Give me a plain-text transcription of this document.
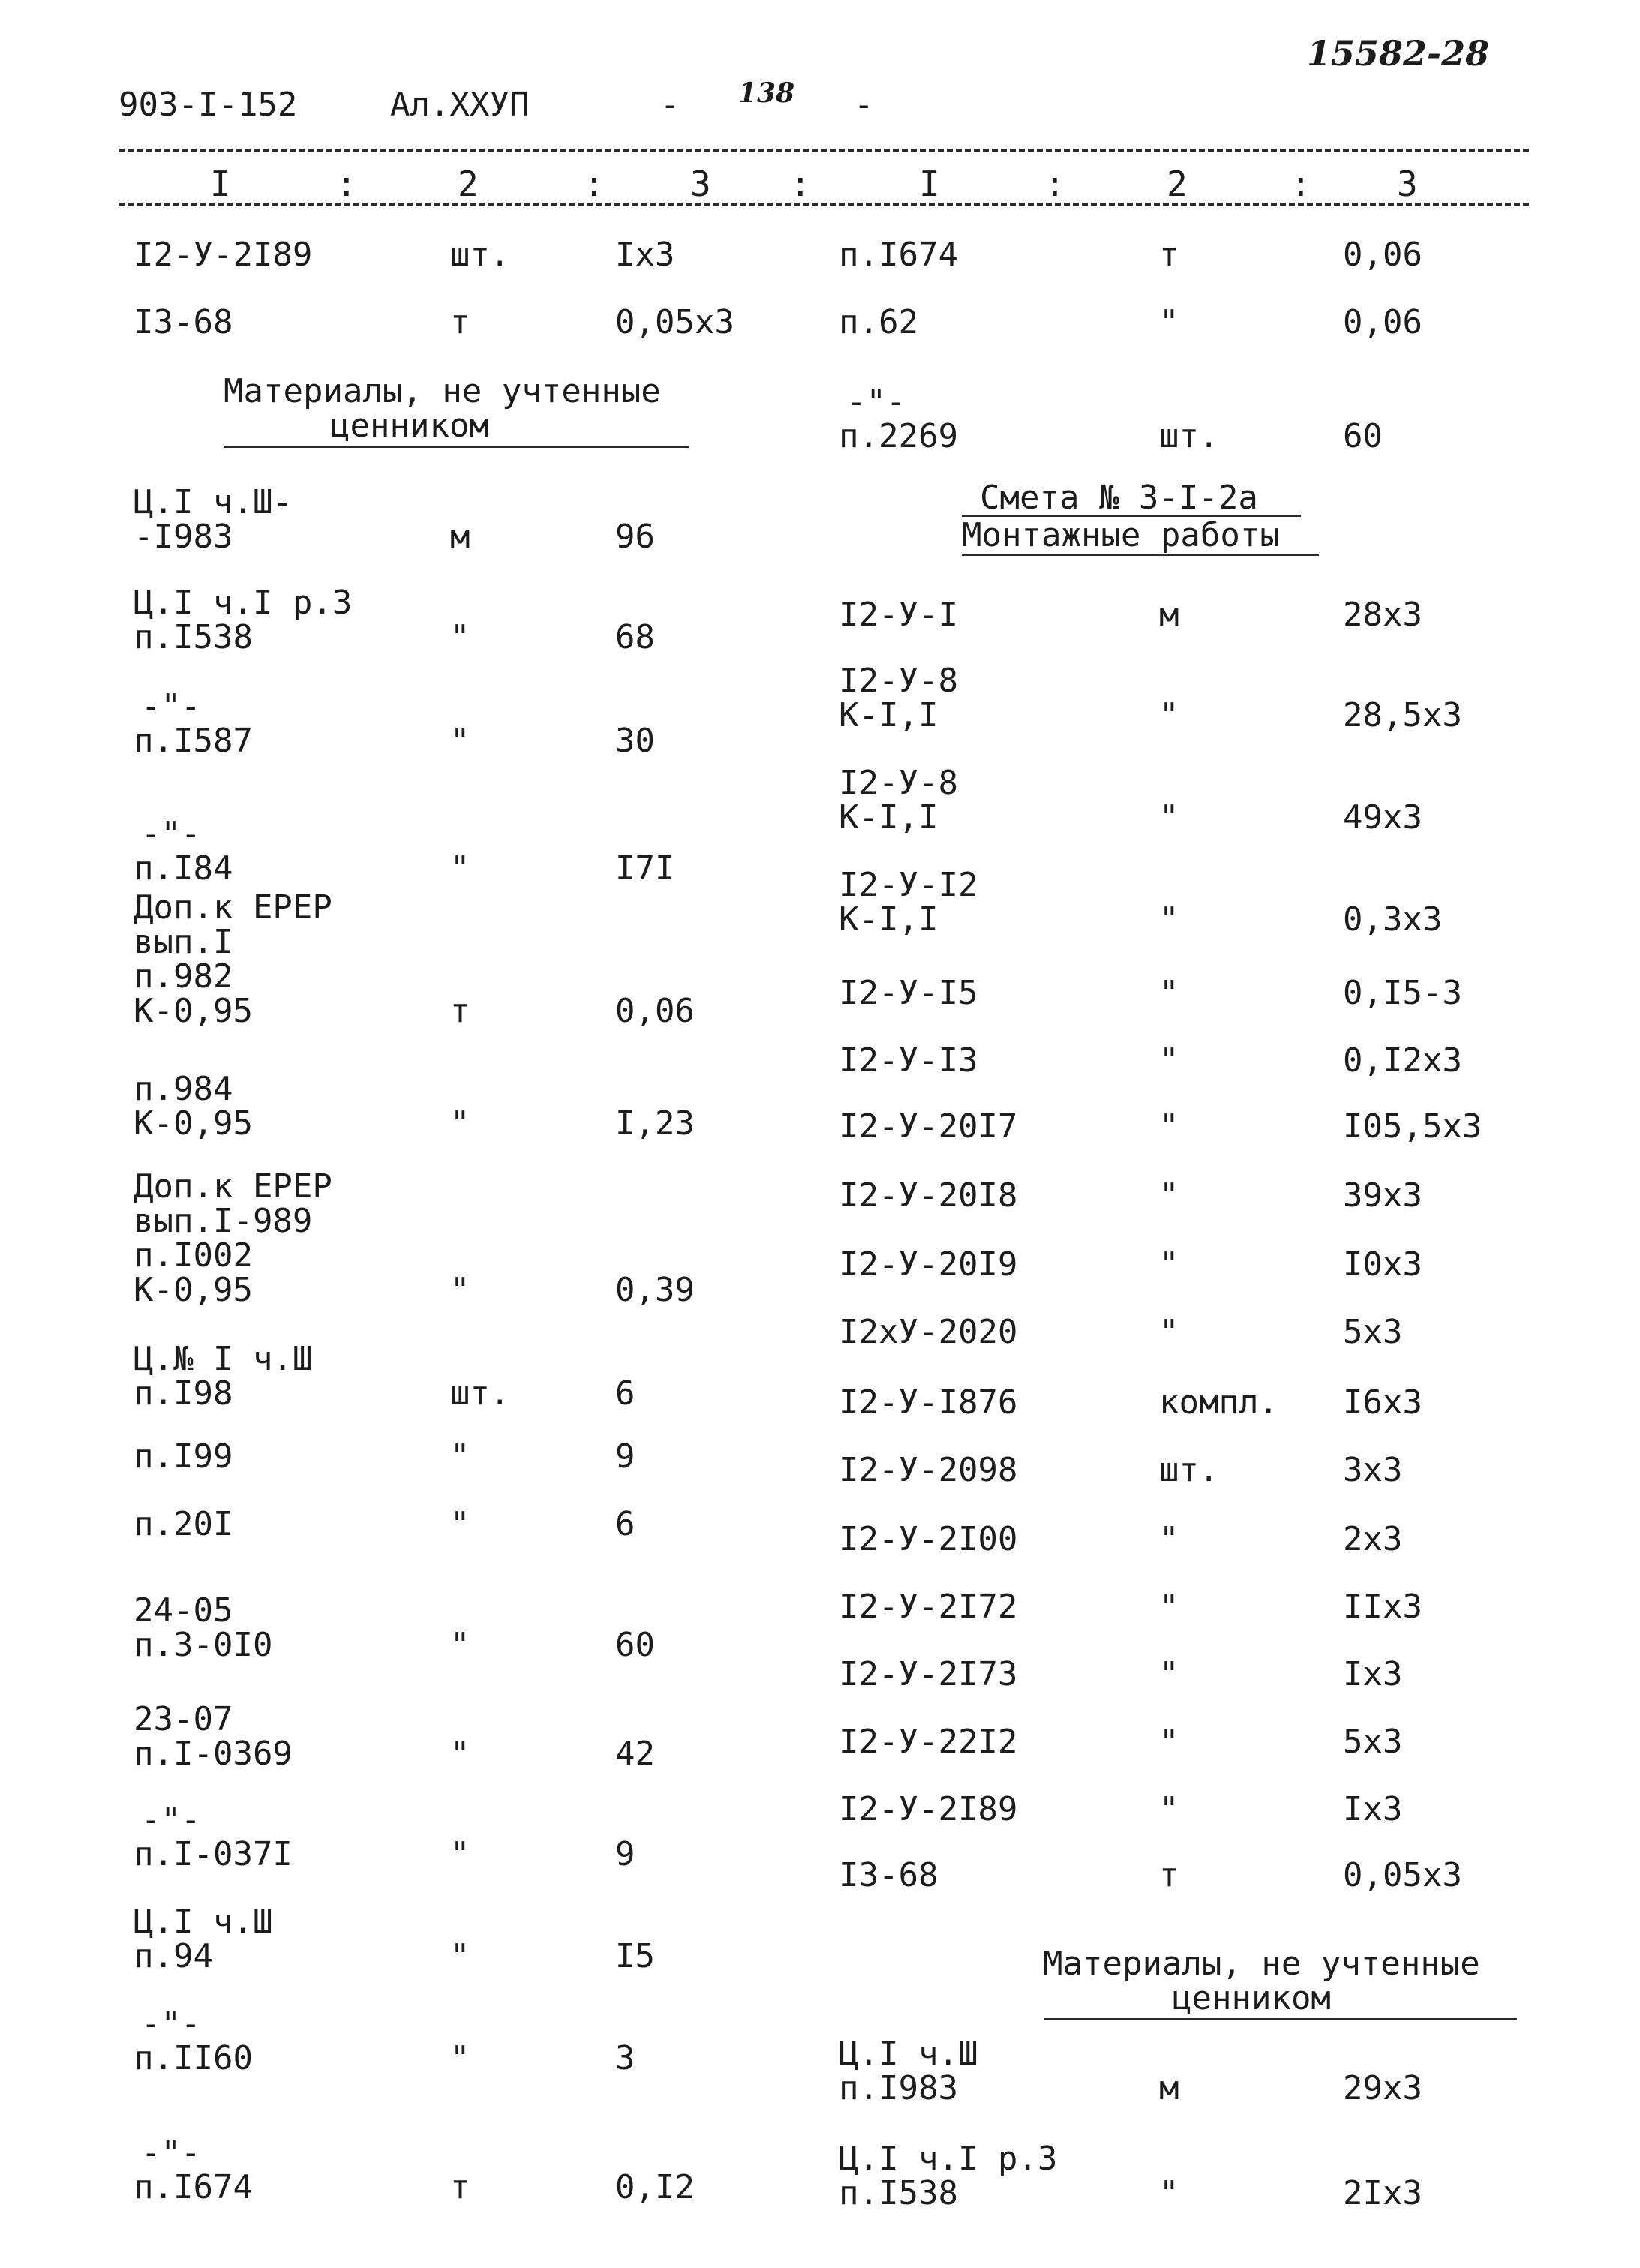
15582-28
903-I-152	Ал.ХХУП	- 138 -
I	:	2	: 3 :	I	:	2	: 3
I2-У-2I89	шт.	Iх3
I3-68	т	0,05х3
Материалы, не учтенные
ценником
Ц.I ч.Ш-
-I983	м	96
Ц.I ч.I р.3
п.I538	"	68
-"-
п.I587	"	30
-"-
п.I84	"	I7I
Доп.к ЕРЕР
вып.I
п.982
К-0,95	т	0,06
п.984
К-0,95	"	I,23
Доп.к ЕРЕР
вып.I-989
п.I002
К-0,95	"	0,39
Ц.№ I ч.Ш
п.I98	шт.	6
п.I99	"	9
п.20I	"	6
24-05
п.3-0I0	"	60
23-07
п.I-0369	"	42
-"-
п.I-037I	"	9
Ц.I ч.Ш
п.94	"	I5
-"-
п.II60	"	3
-"-
п.I674	т	0,I2
п.I674	т	0,06
п.62	"	0,06
-"-
п.2269	шт.	60
Смета № 3-I-2а
Монтажные работы
I2-У-I	м	28х3
I2-У-8
К-I,I	"	28,5х3
I2-У-8
К-I,I	"	49х3
I2-У-I2
К-I,I	"	0,3х3
I2-У-I5	"	0,I5-3
I2-У-I3	"	0,I2х3
I2-У-20I7	"	I05,5х3
I2-У-20I8	"	39х3
I2-У-20I9	"	I0х3
I2хУ-2020	"	5х3
I2-У-I876	компл. I6х3
I2-У-2098	шт.	3х3
I2-У-2I00	"	2х3
I2-У-2I72	"	IIх3
I2-У-2I73	"	Iх3
I2-У-22I2	"	5х3
I2-У-2I89	"	Iх3
I3-68	т	0,05х3
Материалы, не учтенные
ценником
Ц.I ч.Ш
п.I983	м	29х3
Ц.I ч.I р.3
п.I538	"	2Iх3
